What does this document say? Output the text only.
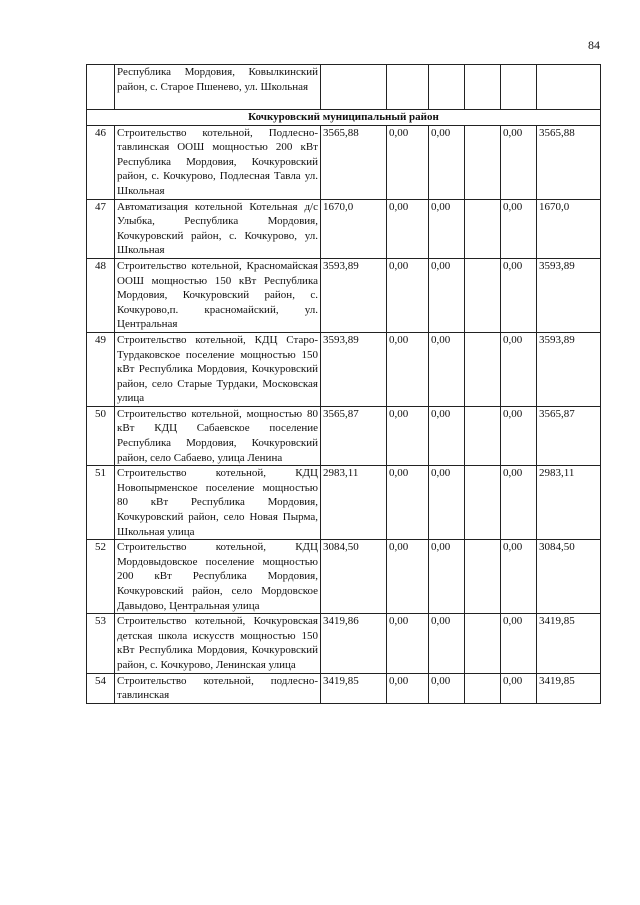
84
	Республика Мордовия, Ковылкинский район, с. Старое Пшенево, ул. Школьная						
Кочкуровский муниципальный район							
46	Строительство котельной, Подлесно-тавлинская ООШ мощностью 200 кВт Республика Мордовия, Кочкуровский район, с. Кочкурово, Подлесная Тавла ул. Школьная	3565,88	0,00	0,00		0,00	3565,88
47	Автоматизация котельной Котельная д/с Улыбка, Республика Мордовия, Кочкуровский район, с. Кочкурово, ул. Школьная	1670,0	0,00	0,00		0,00	1670,0
48	Строительство котельной, Красномайская ООШ мощностью 150 кВт Республика Мордовия, Кочкуровский район, с. Кочкурово,п. красномайский, ул. Центральная	3593,89	0,00	0,00		0,00	3593,89
49	Строительство котельной, КДЦ Старо-Турдаковское поселение мощностью 150 кВт Республика Мордовия, Кочкуровский район, село Старые Турдаки, Московская улица	3593,89	0,00	0,00		0,00	3593,89
50	Строительство котельной, мощностью 80 кВт КДЦ Сабаевское поселение Республика Мордовия, Кочкуровский район, село Сабаево, улица Ленина	3565,87	0,00	0,00		0,00	3565,87
51	Строительство котельной, КДЦ Новопырменское поселение мощностью 80 кВт Республика Мордовия, Кочкуровский район, село Новая Пырма, Школьная улица	2983,11	0,00	0,00		0,00	2983,11
52	Строительство котельной, КДЦ Мордовыдовское поселение мощностью 200 кВт Республика Мордовия, Кочкуровский район, село Мордовское Давыдово, Центральная улица	3084,50	0,00	0,00		0,00	3084,50
53	Строительство котельной, Кочкуровская детская школа искусств мощностью 150 кВт Республика Мордовия, Кочкуровский район, с. Кочкурово, Ленинская улица	3419,86	0,00	0,00		0,00	3419,85
54	Строительство котельной, подлесно-тавлинская	3419,85	0,00	0,00		0,00	3419,85
